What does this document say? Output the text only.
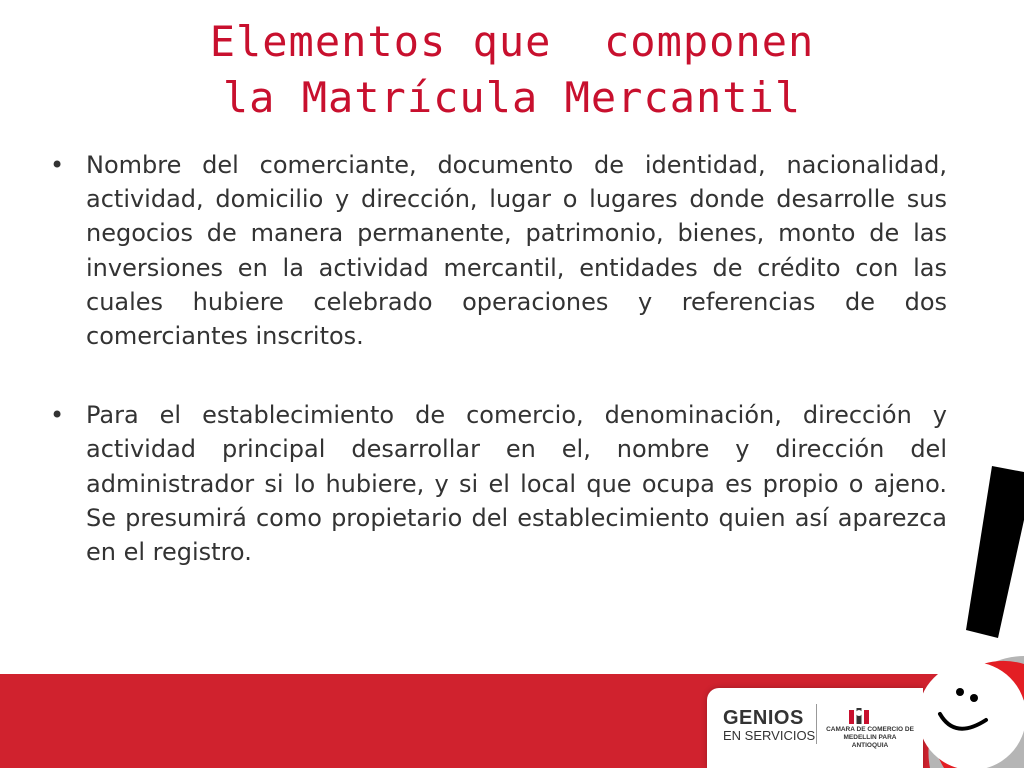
Elementos que  componen
la Matrícula Mercantil
• Nombre del comerciante, documento de identidad, nacionalidad, actividad, domicilio y dirección, lugar o lugares donde desarrolle sus negocios de manera permanente, patrimonio, bienes, monto de las inversiones en la actividad mercantil, entidades de crédito con las cuales hubiere celebrado operaciones y referencias de dos comerciantes inscritos.
• Para el establecimiento de comercio, denominación, dirección y actividad principal desarrollar en el, nombre y dirección del administrador si lo hubiere, y si el local que ocupa es propio o ajeno. Se presumirá como propietario del establecimiento quien así aparezca en el registro.
GENIOS
EN SERVICIOS CAMARA DE COMERCIO DE MEDELLIN PARA ANTIOQUIA
